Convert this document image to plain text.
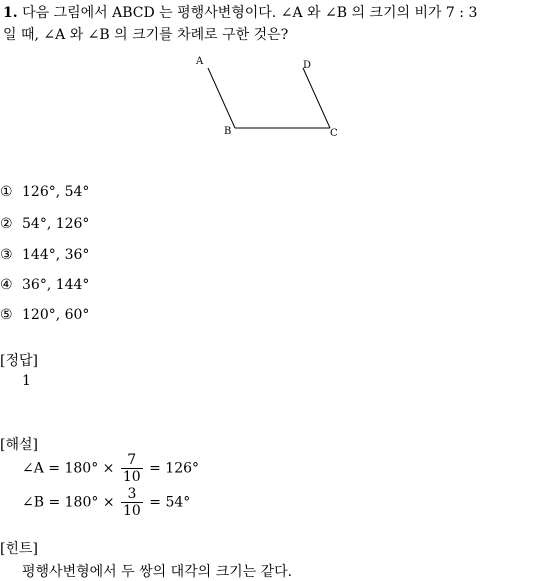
1. 다음 그림에서 ABCD 는 평행사변형이다. ∠A 와 ∠B 의 크기의 비가 7 : 3
일 때, ∠A 와 ∠B 의 크기를 차례로 구한 것은?
A
B	C
D
① 126°, 54°
② 54°, 126°
③ 144°, 36°
④ 36°, 144°
⑤ 120°, 60°
[정답]
1
[해설]
∠A = $180^\circ \times \frac{7}{10} = 126^\circ$
∠B = $180^\circ \times \frac{3}{10} = 54^\circ$
[힌트]
평행사변형에서 두 쌍의 대각의 크기는 같다.
